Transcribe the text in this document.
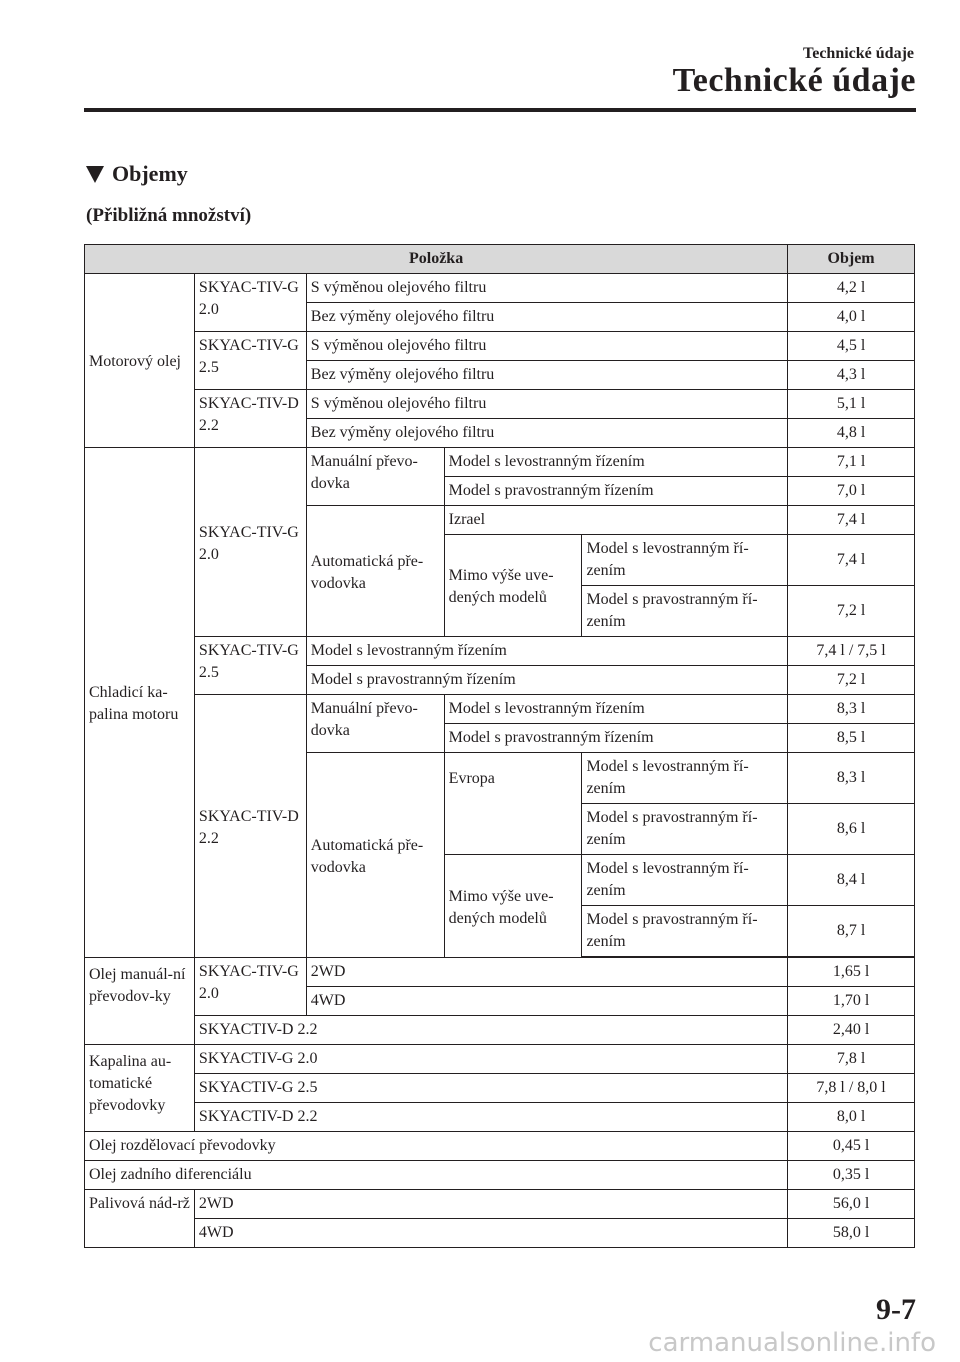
Technické údaje
Technické údaje
Objemy
(Přibližná množství)
Položka					Objem
Motorový olej	SKYAC-TIV-G 2.0	S výměnou olejového filtru			4,2 l
		Bez výměny olejového filtru			4,0 l
	SKYAC-TIV-G 2.5	S výměnou olejového filtru			4,5 l
		Bez výměny olejového filtru			4,3 l
	SKYAC-TIV-D 2.2	S výměnou olejového filtru			5,1 l
		Bez výměny olejového filtru			4,8 l
Chladicí ka-palina motoru	SKYAC-TIV-G 2.0	Manuální převo-dovka	Model s levostranným řízením		7,1 l
			Model s pravostranným řízením		7,0 l
		Automatická pře-vodovka	Izrael		7,4 l
			Mimo výše uve-dených modelů	Model s levostranným ří-zením	7,4 l

				Model s pravostranným ří-zením	7,2 l
	SKYAC-TIV-G 2.5	Model s levostranným řízením			7,4 l / 7,5 l
		Model s pravostranným řízením			7,2 l
	SKYAC-TIV-D 2.2	Manuální převo-dovka	Model s levostranným řízením		8,3 l
			Model s pravostranným řízením		8,5 l
		Automatická pře-vodovka	Evropa	Model s levostranným ří-zením	8,3 l

				Model s pravostranným ří-zením	8,6 l
			Mimo výše uve-dených modelů	Model s levostranným ří-zením	8,4 l

				Model s pravostranným ří-zením	8,7 l

Olej manuál-ní převodov-ky	SKYAC-TIV-G 2.0	2WD			1,65 l
		4WD			1,70 l
	SKYACTIV-D 2.2				2,40 l
Kapalina au-tomatické převodovky	SKYACTIV-G 2.0				7,8 l
	SKYACTIV-G 2.5				7,8 l / 8,0 l
	SKYACTIV-D 2.2				8,0 l
Olej rozdělovací převodovky					0,45 l
Olej zadního diferenciálu					0,35 l
Palivová nád-rž	2WD				56,0 l
	4WD				58,0 l
9-7
carmanualsonline.info
